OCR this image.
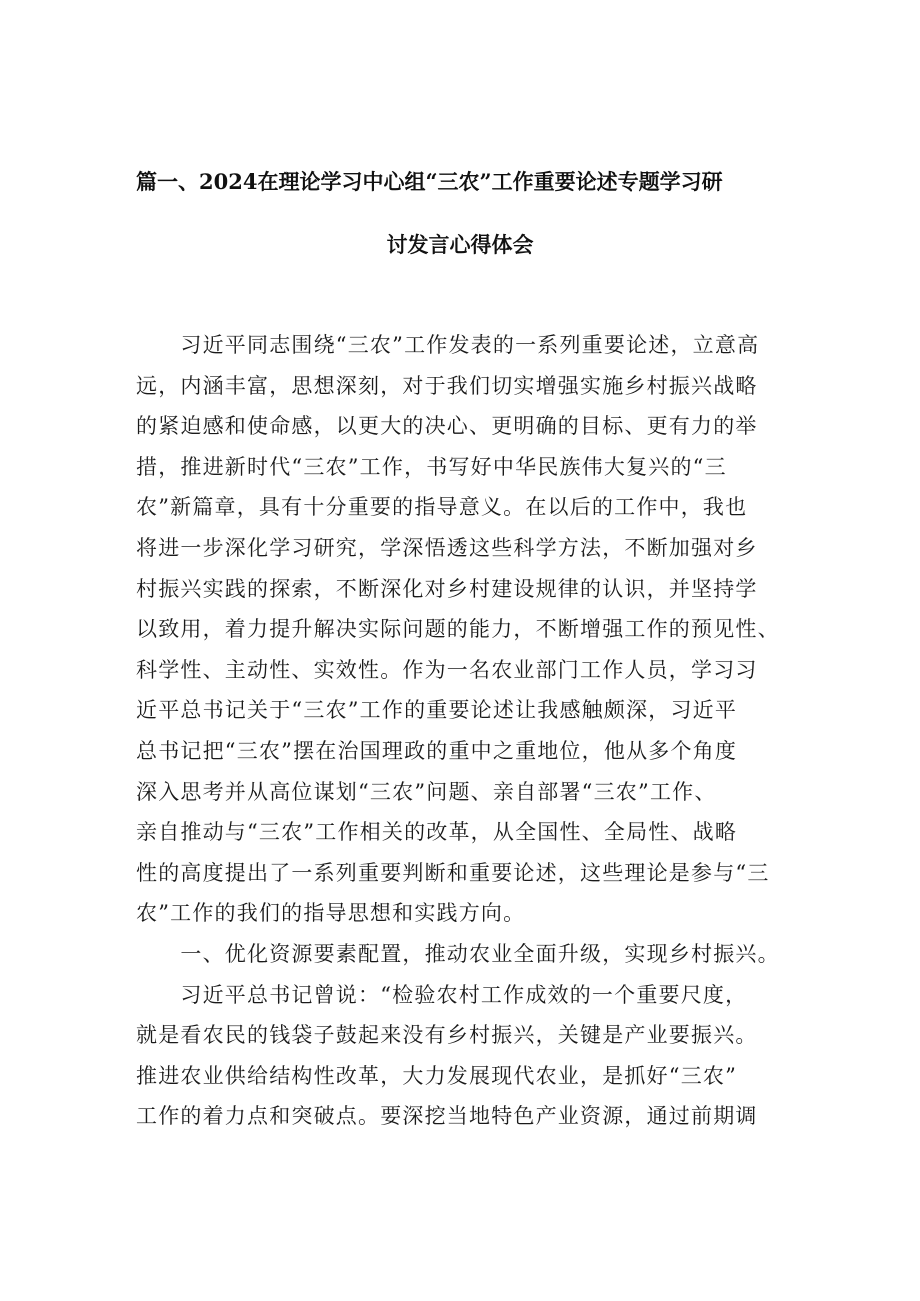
篇一、2024在理论学习中心组“三农”工作重要论述专题学习研
讨发言心得体会
　　习近平同志围绕“三农”工作发表的一系列重要论述，立意高
远，内涵丰富，思想深刻，对于我们切实增强实施乡村振兴战略
的紧迫感和使命感，以更大的决心、更明确的目标、更有力的举
措，推进新时代“三农”工作，书写好中华民族伟大复兴的“三
农”新篇章，具有十分重要的指导意义。在以后的工作中，我也
将进一步深化学习研究，学深悟透这些科学方法，不断加强对乡
村振兴实践的探索，不断深化对乡村建设规律的认识，并坚持学
以致用，着力提升解决实际问题的能力，不断增强工作的预见性、
科学性、主动性、实效性。作为一名农业部门工作人员，学习习
近平总书记关于“三农”工作的重要论述让我感触颇深，习近平
总书记把“三农”摆在治国理政的重中之重地位，他从多个角度
深入思考并从高位谋划“三农”问题、亲自部署“三农”工作、
亲自推动与“三农”工作相关的改革，从全国性、全局性、战略
性的高度提出了一系列重要判断和重要论述，这些理论是参与“三
农”工作的我们的指导思想和实践方向。
　　一、优化资源要素配置，推动农业全面升级，实现乡村振兴。
　　习近平总书记曾说：“检验农村工作成效的一个重要尺度，
就是看农民的钱袋子鼓起来没有乡村振兴，关键是产业要振兴。
推进农业供给结构性改革，大力发展现代农业，是抓好“三农”
工作的着力点和突破点。要深挖当地特色产业资源，通过前期调
